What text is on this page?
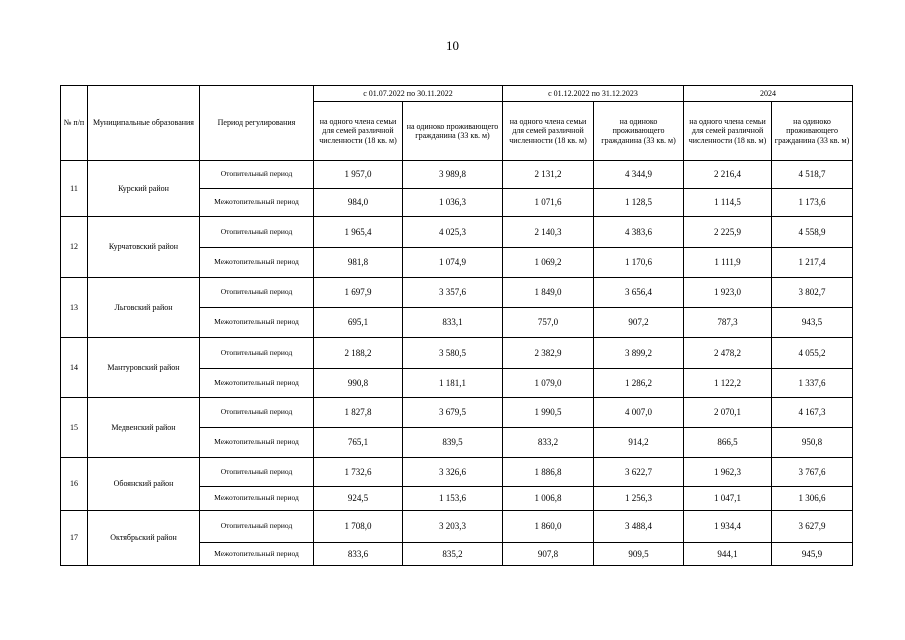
10
№ п/п	Муниципальные образования	Период регулирования	с 01.07.2022 по 30.11.2022		с 01.12.2022 по 31.12.2023		2024	
			на одного члена семьи для семей различной численности (18 кв. м)	на одиноко проживающего гражданина (33 кв. м)	на одного члена семьи для семей различной численности (18 кв. м)	на одиноко проживающего гражданина (33 кв. м)	на одного члена семьи для семей различной численности (18 кв. м)	на одиноко проживающего гражданина (33 кв. м)
11	Курский район	Отопительный период	1 957,0	3 989,8	2 131,2	4 344,9	2 216,4	4 518,7
		Межотопительный период	984,0	1 036,3	1 071,6	1 128,5	1 114,5	1 173,6
12	Курчатовский район	Отопительный период	1 965,4	4 025,3	2 140,3	4 383,6	2 225,9	4 558,9
		Межотопительный период	981,8	1 074,9	1 069,2	1 170,6	1 111,9	1 217,4
13	Льговский район	Отопительный период	1 697,9	3 357,6	1 849,0	3 656,4	1 923,0	3 802,7
		Межотопительный период	695,1	833,1	757,0	907,2	787,3	943,5
14	Мантуровский район	Отопительный период	2 188,2	3 580,5	2 382,9	3 899,2	2 478,2	4 055,2
		Межотопительный период	990,8	1 181,1	1 079,0	1 286,2	1 122,2	1 337,6
15	Медвенский район	Отопительный период	1 827,8	3 679,5	1 990,5	4 007,0	2 070,1	4 167,3
		Межотопительный период	765,1	839,5	833,2	914,2	866,5	950,8
16	Обоянский район	Отопительный период	1 732,6	3 326,6	1 886,8	3 622,7	1 962,3	3 767,6
		Межотопительный период	924,5	1 153,6	1 006,8	1 256,3	1 047,1	1 306,6
17	Октябрьский район	Отопительный период	1 708,0	3 203,3	1 860,0	3 488,4	1 934,4	3 627,9
		Межотопительный период	833,6	835,2	907,8	909,5	944,1	945,9
